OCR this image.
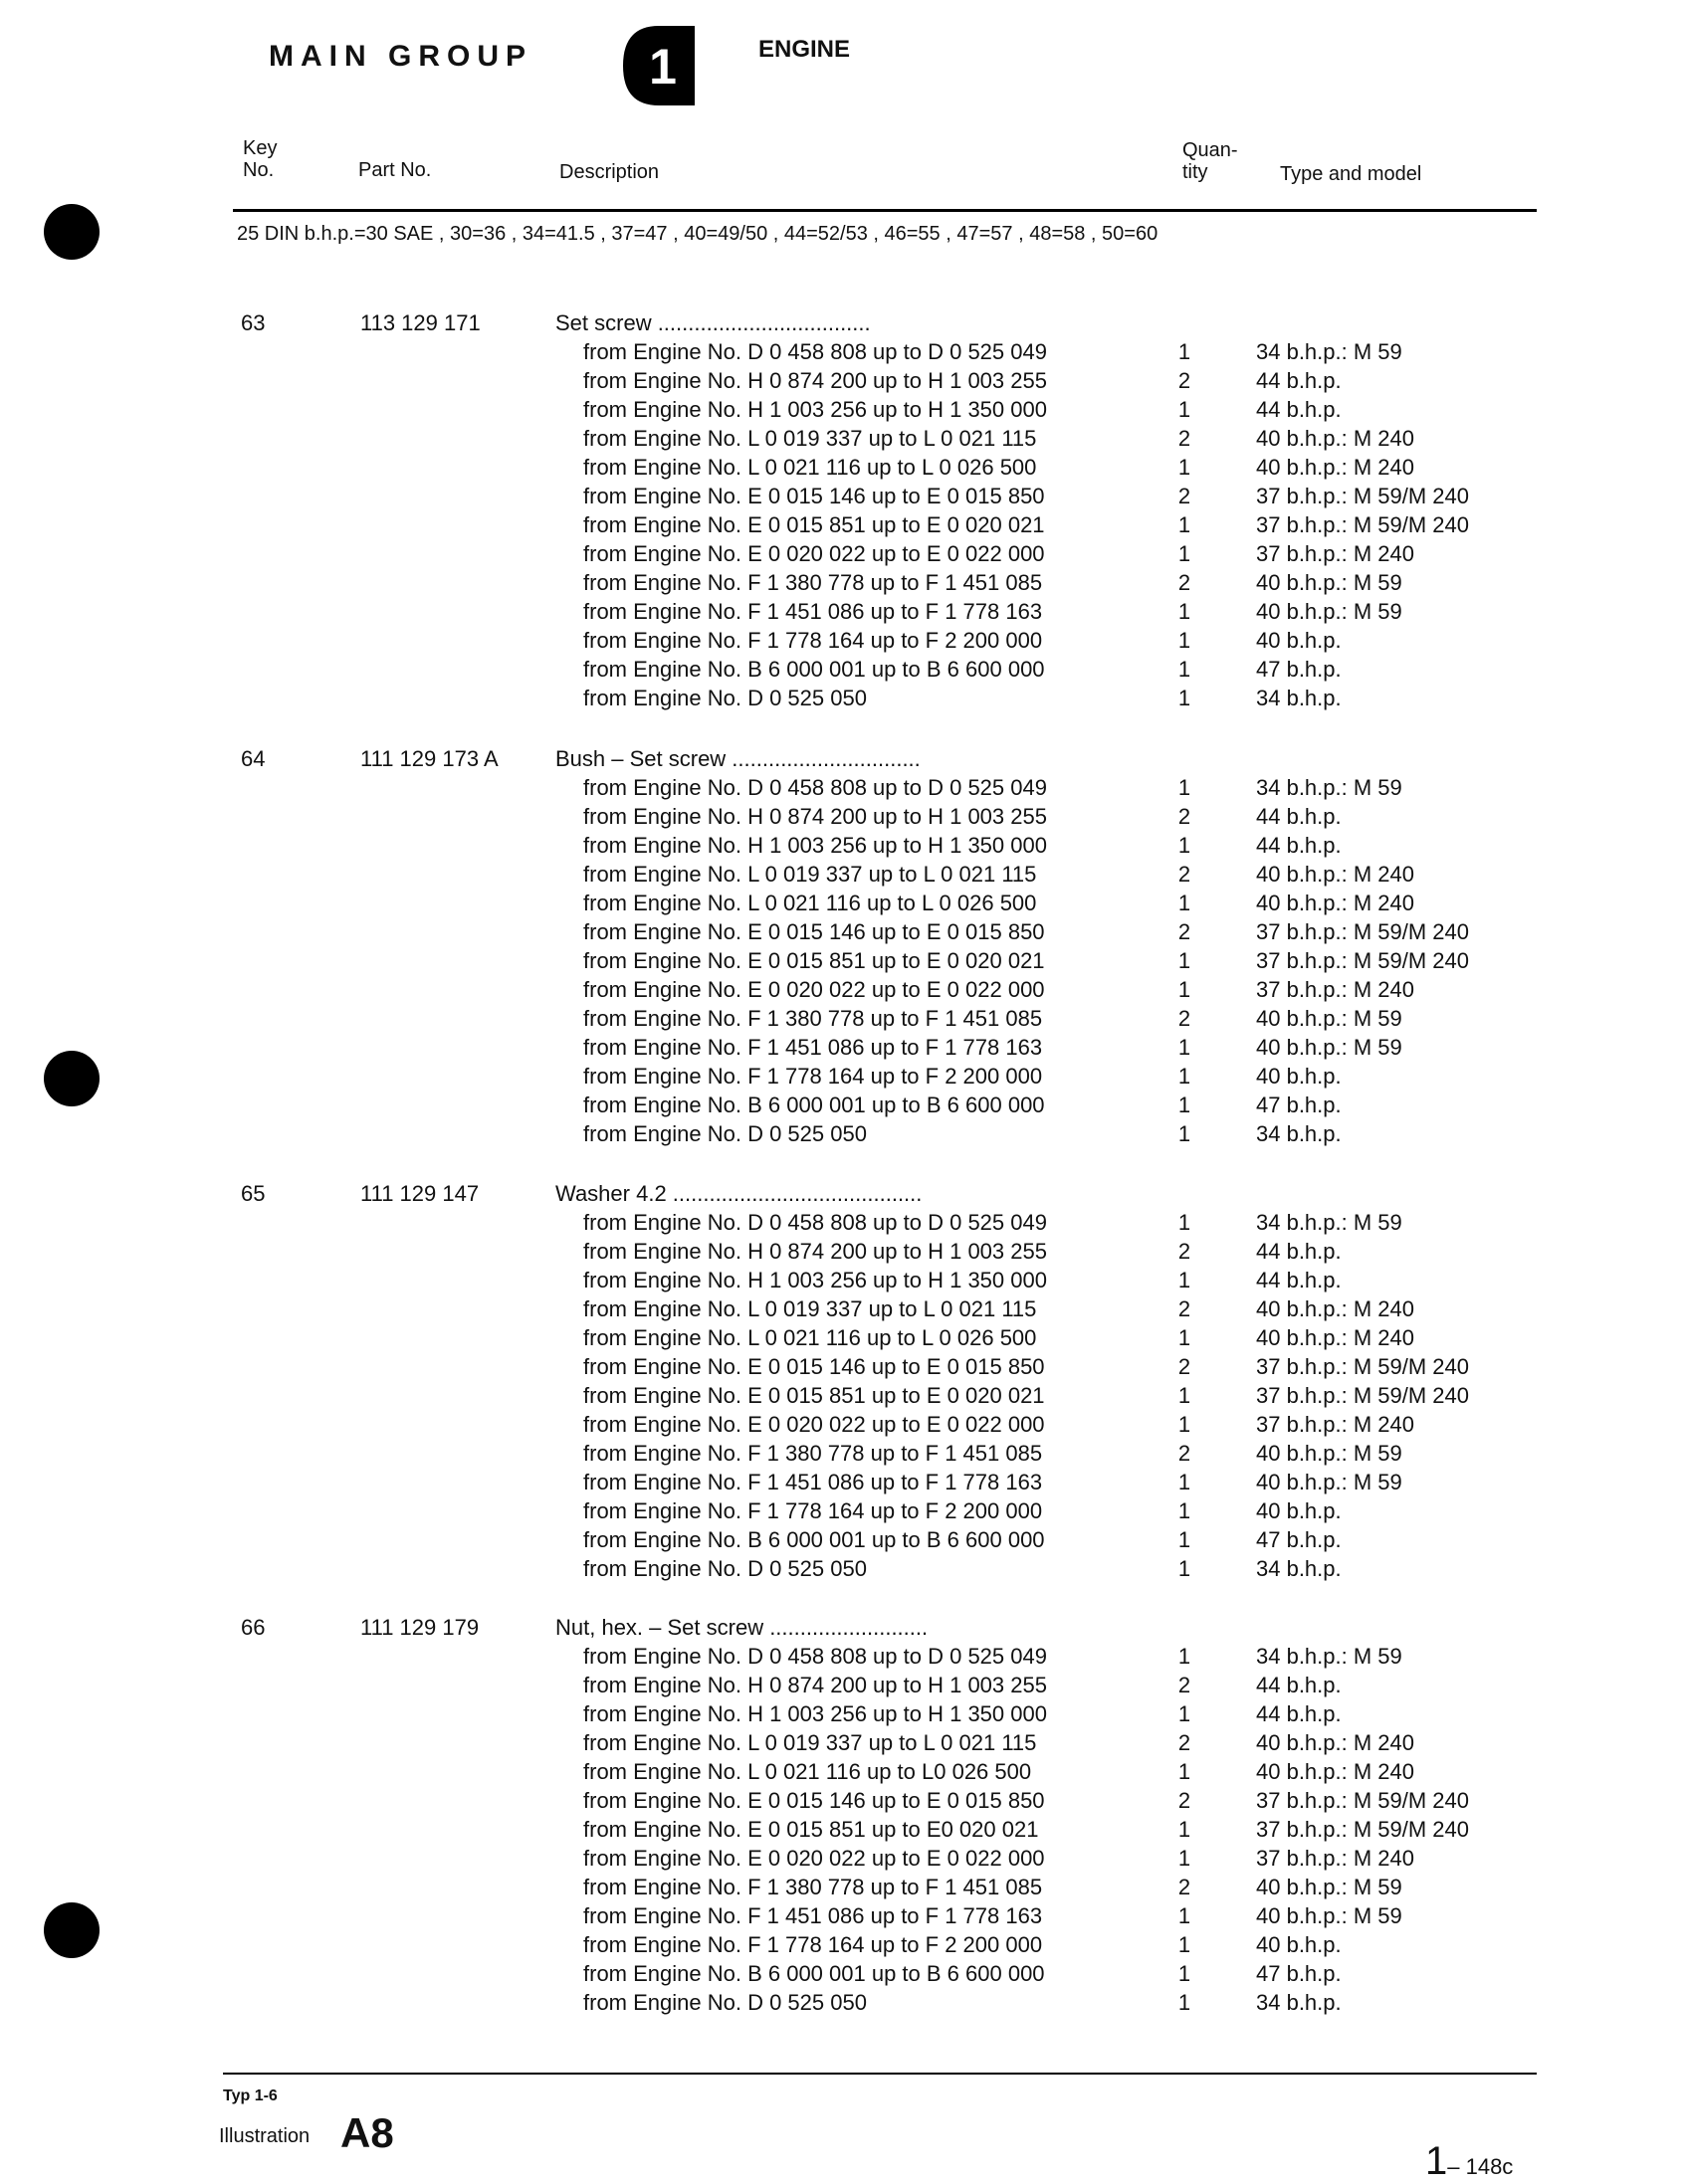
MAIN GROUP 1	ENGINE
Key
No.	Part No.	Description
Quan-
tity	Type and model
25 DIN b.h.p.=30 SAE , 30=36 , 34=41.5 , 37=47 , 40=49/50 , 44=52/53 , 46=55 , 47=57 , 48=58 , 50=60
63	113 129 171	Set screw ...................................
from Engine No. D 0 458 808 up to D 0 525 049	1	34 b.h.p.: M 59
from Engine No. H 0 874 200 up to H 1 003 255	2	44 b.h.p.
from Engine No. H 1 003 256 up to H 1 350 000	1	44 b.h.p.
from Engine No. L 0 019 337 up to L 0 021 115	2	40 b.h.p.: M 240
from Engine No. L 0 021 116 up to L 0 026 500	1	40 b.h.p.: M 240
from Engine No. E 0 015 146 up to E 0 015 850	2	37 b.h.p.: M 59/M 240
from Engine No. E 0 015 851 up to E 0 020 021	1	37 b.h.p.: M 59/M 240
from Engine No. E 0 020 022 up to E 0 022 000	1	37 b.h.p.: M 240
from Engine No. F 1 380 778 up to F 1 451 085	2	40 b.h.p.: M 59
from Engine No. F 1 451 086 up to F 1 778 163	1	40 b.h.p.: M 59
from Engine No. F 1 778 164 up to F 2 200 000	1	40 b.h.p.
from Engine No. B 6 000 001 up to B 6 600 000	1	47 b.h.p.
from Engine No. D 0 525 050	1	34 b.h.p.
64	111 129 173 A	Bush – Set screw ...............................
from Engine No. D 0 458 808 up to D 0 525 049	1	34 b.h.p.: M 59
from Engine No. H 0 874 200 up to H 1 003 255	2	44 b.h.p.
from Engine No. H 1 003 256 up to H 1 350 000	1	44 b.h.p.
from Engine No. L 0 019 337 up to L 0 021 115	2	40 b.h.p.: M 240
from Engine No. L 0 021 116 up to L 0 026 500	1	40 b.h.p.: M 240
from Engine No. E 0 015 146 up to E 0 015 850	2	37 b.h.p.: M 59/M 240
from Engine No. E 0 015 851 up to E 0 020 021	1	37 b.h.p.: M 59/M 240
from Engine No. E 0 020 022 up to E 0 022 000	1	37 b.h.p.: M 240
from Engine No. F 1 380 778 up to F 1 451 085	2	40 b.h.p.: M 59
from Engine No. F 1 451 086 up to F 1 778 163	1	40 b.h.p.: M 59
from Engine No. F 1 778 164 up to F 2 200 000	1	40 b.h.p.
from Engine No. B 6 000 001 up to B 6 600 000	1	47 b.h.p.
from Engine No. D 0 525 050	1	34 b.h.p.
65	111 129 147	Washer 4.2 .........................................
from Engine No. D 0 458 808 up to D 0 525 049	1	34 b.h.p.: M 59
from Engine No. H 0 874 200 up to H 1 003 255	2	44 b.h.p.
from Engine No. H 1 003 256 up to H 1 350 000	1	44 b.h.p.
from Engine No. L 0 019 337 up to L 0 021 115	2	40 b.h.p.: M 240
from Engine No. L 0 021 116 up to L 0 026 500	1	40 b.h.p.: M 240
from Engine No. E 0 015 146 up to E 0 015 850	2	37 b.h.p.: M 59/M 240
from Engine No. E 0 015 851 up to E 0 020 021	1	37 b.h.p.: M 59/M 240
from Engine No. E 0 020 022 up to E 0 022 000	1	37 b.h.p.: M 240
from Engine No. F 1 380 778 up to F 1 451 085	2	40 b.h.p.: M 59
from Engine No. F 1 451 086 up to F 1 778 163	1	40 b.h.p.: M 59
from Engine No. F 1 778 164 up to F 2 200 000	1	40 b.h.p.
from Engine No. B 6 000 001 up to B 6 600 000	1	47 b.h.p.
from Engine No. D 0 525 050	1	34 b.h.p.
66	111 129 179	Nut, hex. – Set screw ..........................
from Engine No. D 0 458 808 up to D 0 525 049	1	34 b.h.p.: M 59
from Engine No. H 0 874 200 up to H 1 003 255	2	44 b.h.p.
from Engine No. H 1 003 256 up to H 1 350 000	1	44 b.h.p.
from Engine No. L 0 019 337 up to L 0 021 115	2	40 b.h.p.: M 240
from Engine No. L 0 021 116 up to L0 026 500	1	40 b.h.p.: M 240
from Engine No. E 0 015 146 up to E 0 015 850	2	37 b.h.p.: M 59/M 240
from Engine No. E 0 015 851 up to E0 020 021	1	37 b.h.p.: M 59/M 240
from Engine No. E 0 020 022 up to E 0 022 000	1	37 b.h.p.: M 240
from Engine No. F 1 380 778 up to F 1 451 085	2	40 b.h.p.: M 59
from Engine No. F 1 451 086 up to F 1 778 163	1	40 b.h.p.: M 59
from Engine No. F 1 778 164 up to F 2 200 000	1	40 b.h.p.
from Engine No. B 6 000 001 up to B 6 600 000	1	47 b.h.p.
from Engine No. D 0 525 050	1	34 b.h.p.
Typ 1-6
Illustration A8
1– 148c
